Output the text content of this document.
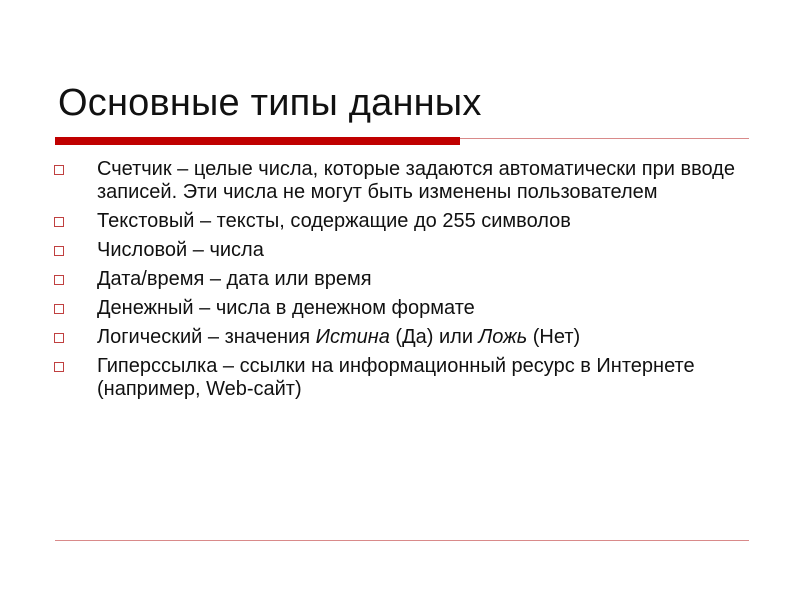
Основные типы данных
Счетчик – целые числа, которые задаются автоматически при вводе записей. Эти числа не могут быть изменены пользователем
Текстовый – тексты, содержащие до 255 символов
Числовой – числа
Дата/время – дата или время
Денежный – числа в денежном формате
Логический – значения Истина (Да) или Ложь (Нет)
Гиперссылка – ссылки на информационный ресурс в Интернете (например, Web-сайт)
